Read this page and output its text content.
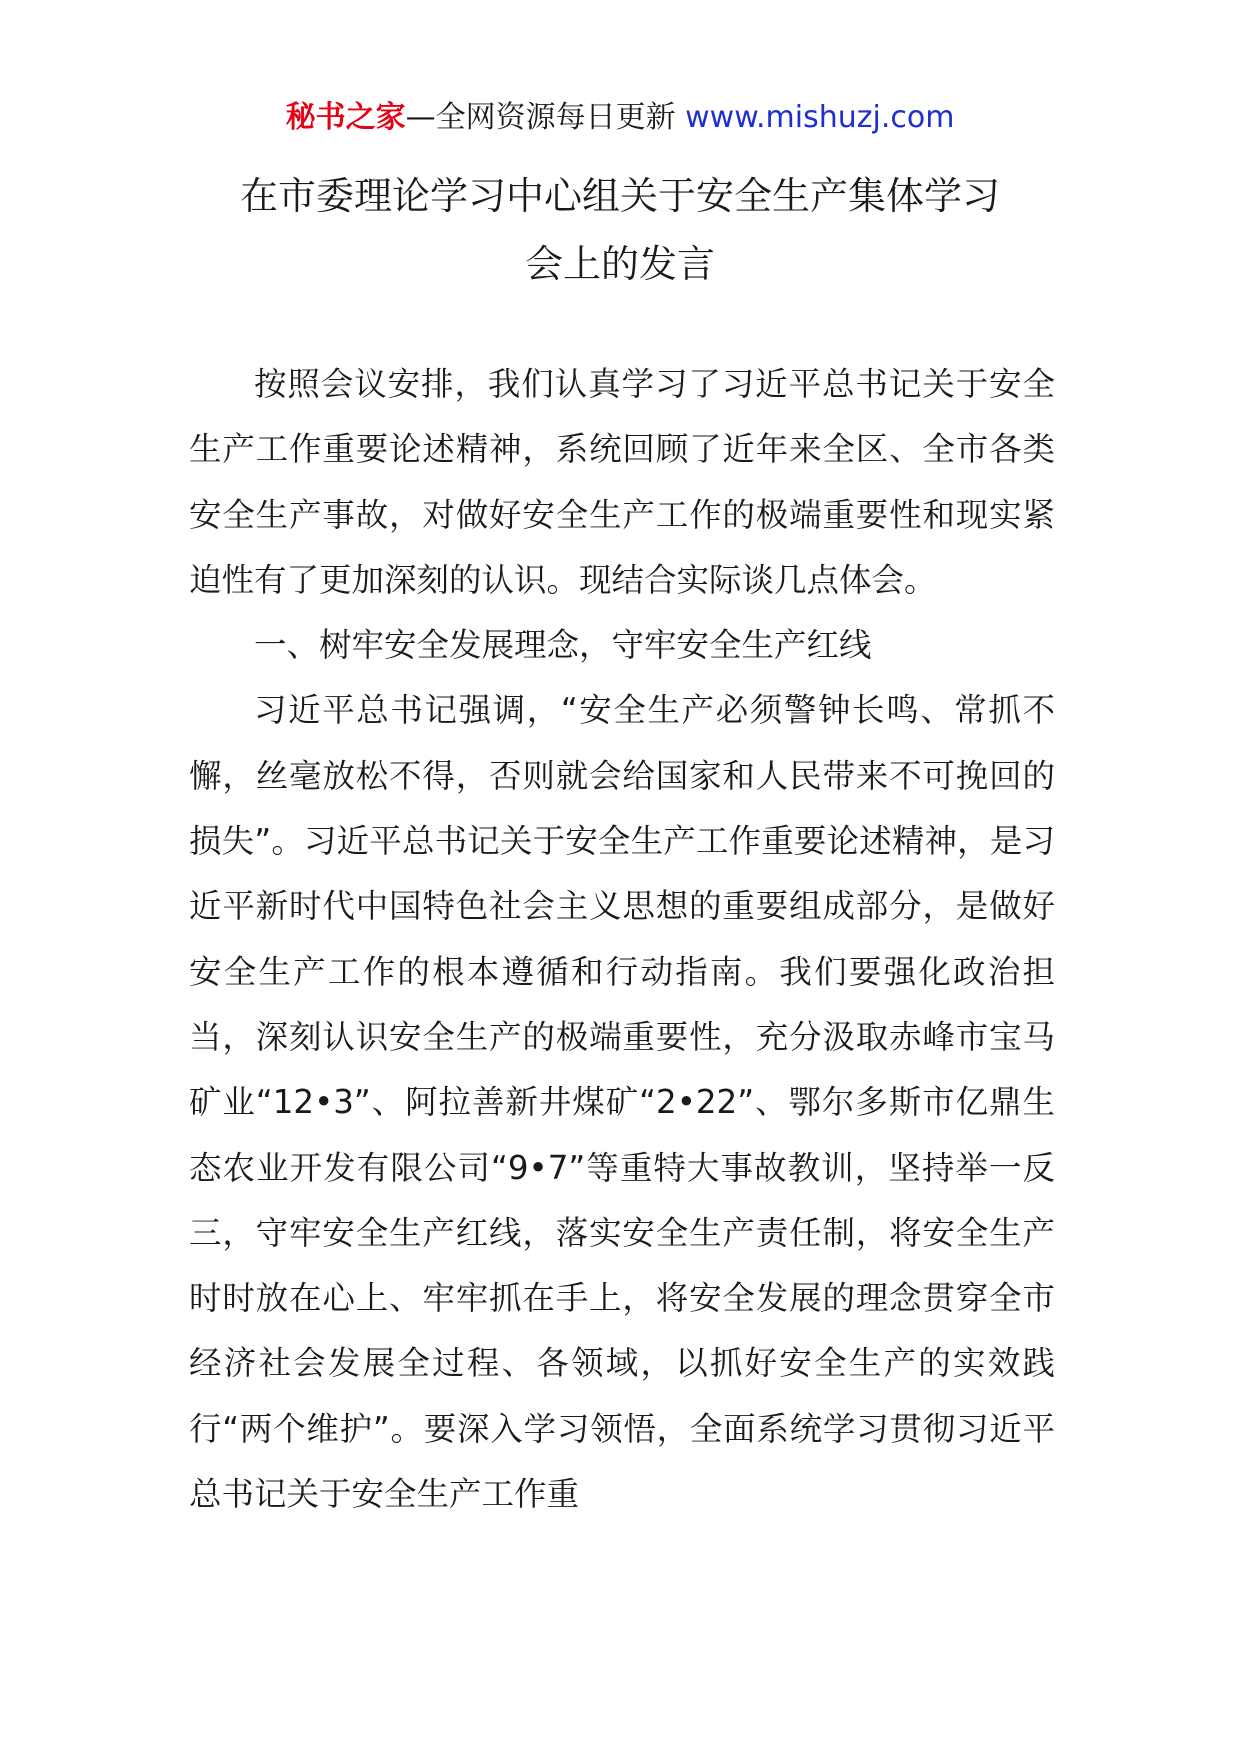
秘书之家—全网资源每日更新 www.mishuzj.com
在市委理论学习中心组关于安全生产集体学习
会上的发言

按照会议安排，我们认真学习了习近平总书记关于安全生产工作重要论述精神，系统回顾了近年来全区、全市各类安全生产事故，对做好安全生产工作的极端重要性和现实紧迫性有了更加深刻的认识。现结合实际谈几点体会。

一、树牢安全发展理念，守牢安全生产红线

习近平总书记强调，“安全生产必须警钟长鸣、常抓不懈，丝毫放松不得，否则就会给国家和人民带来不可挽回的损失”。习近平总书记关于安全生产工作重要论述精神，是习近平新时代中国特色社会主义思想的重要组成部分，是做好安全生产工作的根本遵循和行动指南。我们要强化政治担当，深刻认识安全生产的极端重要性，充分汲取赤峰市宝马矿业“12•3”、阿拉善新井煤矿“2•22”、鄂尔多斯市亿鼎生态农业开发有限公司“9•7”等重特大事故教训，坚持举一反三，守牢安全生产红线，落实安全生产责任制，将安全生产时时放在心上、牢牢抓在手上，将安全发展的理念贯穿全市经济社会发展全过程、各领域，以抓好安全生产的实效践行“两个维护”。要深入学习领悟，全面系统学习贯彻习近平总书记关于安全生产工作重
